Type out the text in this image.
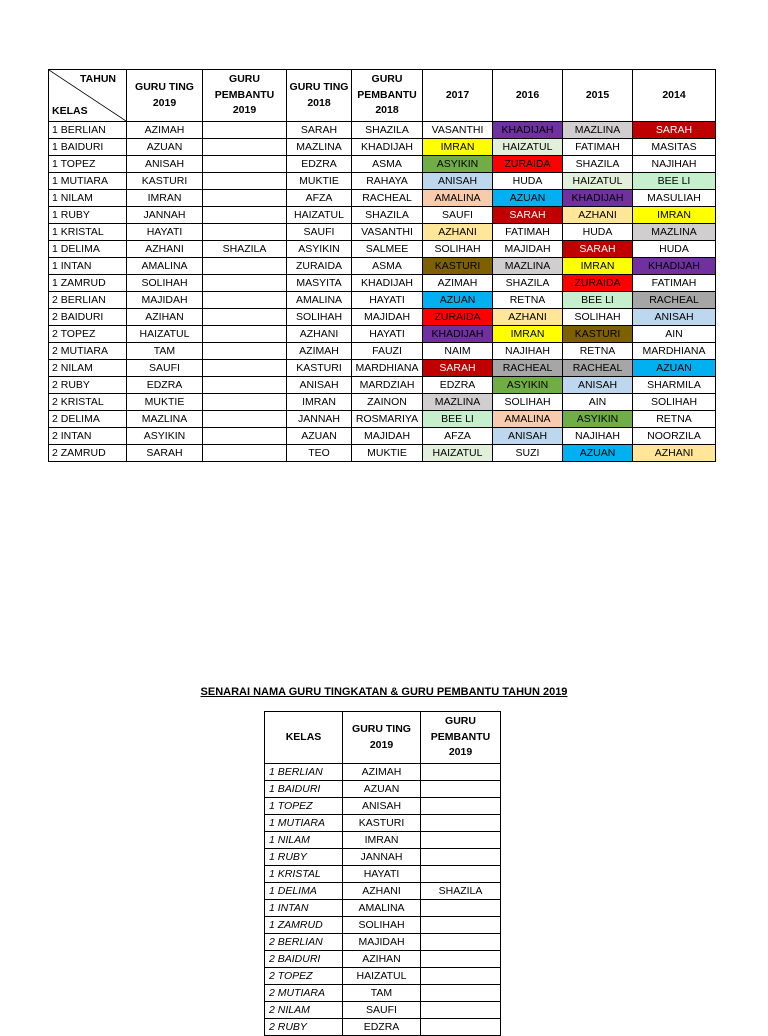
TAHUN
KELAS	GURU TING 2019	GURU PEMBANTU 2019	GURU TING 2018	GURU PEMBANTU 2018	2017	2016	2015	2014
1 BERLIAN	AZIMAH		SARAH	SHAZILA	VASANTHI	KHADIJAH	MAZLINA	SARAH
1 BAIDURI	AZUAN		MAZLINA	KHADIJAH	IMRAN	HAIZATUL	FATIMAH	MASITAS
1 TOPEZ	ANISAH		EDZRA	ASMA	ASYIKIN	ZURAIDA	SHAZILA	NAJIHAH
1 MUTIARA	KASTURI		MUKTIE	RAHAYA	ANISAH	HUDA	HAIZATUL	BEE LI
1 NILAM	IMRAN		AFZA	RACHEAL	AMALINA	AZUAN	KHADIJAH	MASULIAH
1 RUBY	JANNAH		HAIZATUL	SHAZILA	SAUFI	SARAH	AZHANI	IMRAN
1 KRISTAL	HAYATI		SAUFI	VASANTHI	AZHANI	FATIMAH	HUDA	MAZLINA
1 DELIMA	AZHANI	SHAZILA	ASYIKIN	SALMEE	SOLIHAH	MAJIDAH	SARAH	HUDA
1 INTAN	AMALINA		ZURAIDA	ASMA	KASTURI	MAZLINA	IMRAN	KHADIJAH
1 ZAMRUD	SOLIHAH		MASYITA	KHADIJAH	AZIMAH	SHAZILA	ZURAIDA	FATIMAH
2 BERLIAN	MAJIDAH		AMALINA	HAYATI	AZUAN	RETNA	BEE LI	RACHEAL
2 BAIDURI	AZIHAN		SOLIHAH	MAJIDAH	ZURAIDA	AZHANI	SOLIHAH	ANISAH
2 TOPEZ	HAIZATUL		AZHANI	HAYATI	KHADIJAH	IMRAN	KASTURI	AIN
2 MUTIARA	TAM		AZIMAH	FAUZI	NAIM	NAJIHAH	RETNA	MARDHIANA
2 NILAM	SAUFI		KASTURI	MARDHIANA	SARAH	RACHEAL	RACHEAL	AZUAN
2 RUBY	EDZRA		ANISAH	MARDZIAH	EDZRA	ASYIKIN	ANISAH	SHARMILA
2 KRISTAL	MUKTIE		IMRAN	ZAINON	MAZLINA	SOLIHAH	AIN	SOLIHAH
2 DELIMA	MAZLINA		JANNAH	ROSMARIYA	BEE LI	AMALINA	ASYIKIN	RETNA
2 INTAN	ASYIKIN		AZUAN	MAJIDAH	AFZA	ANISAH	NAJIHAH	NOORZILA
2 ZAMRUD	SARAH		TEO	MUKTIE	HAIZATUL	SUZI	AZUAN	AZHANI
SENARAI NAMA GURU TINGKATAN & GURU PEMBANTU TAHUN 2019
KELAS	GURU TING 2019	GURU PEMBANTU 2019
1 BERLIAN	AZIMAH	
1 BAIDURI	AZUAN	
1 TOPEZ	ANISAH	
1 MUTIARA	KASTURI	
1 NILAM	IMRAN	
1 RUBY	JANNAH	
1 KRISTAL	HAYATI	
1 DELIMA	AZHANI	SHAZILA
1 INTAN	AMALINA	
1 ZAMRUD	SOLIHAH	
2 BERLIAN	MAJIDAH	
2 BAIDURI	AZIHAN	
2 TOPEZ	HAIZATUL	
2 MUTIARA	TAM	
2 NILAM	SAUFI	
2 RUBY	EDZRA	
